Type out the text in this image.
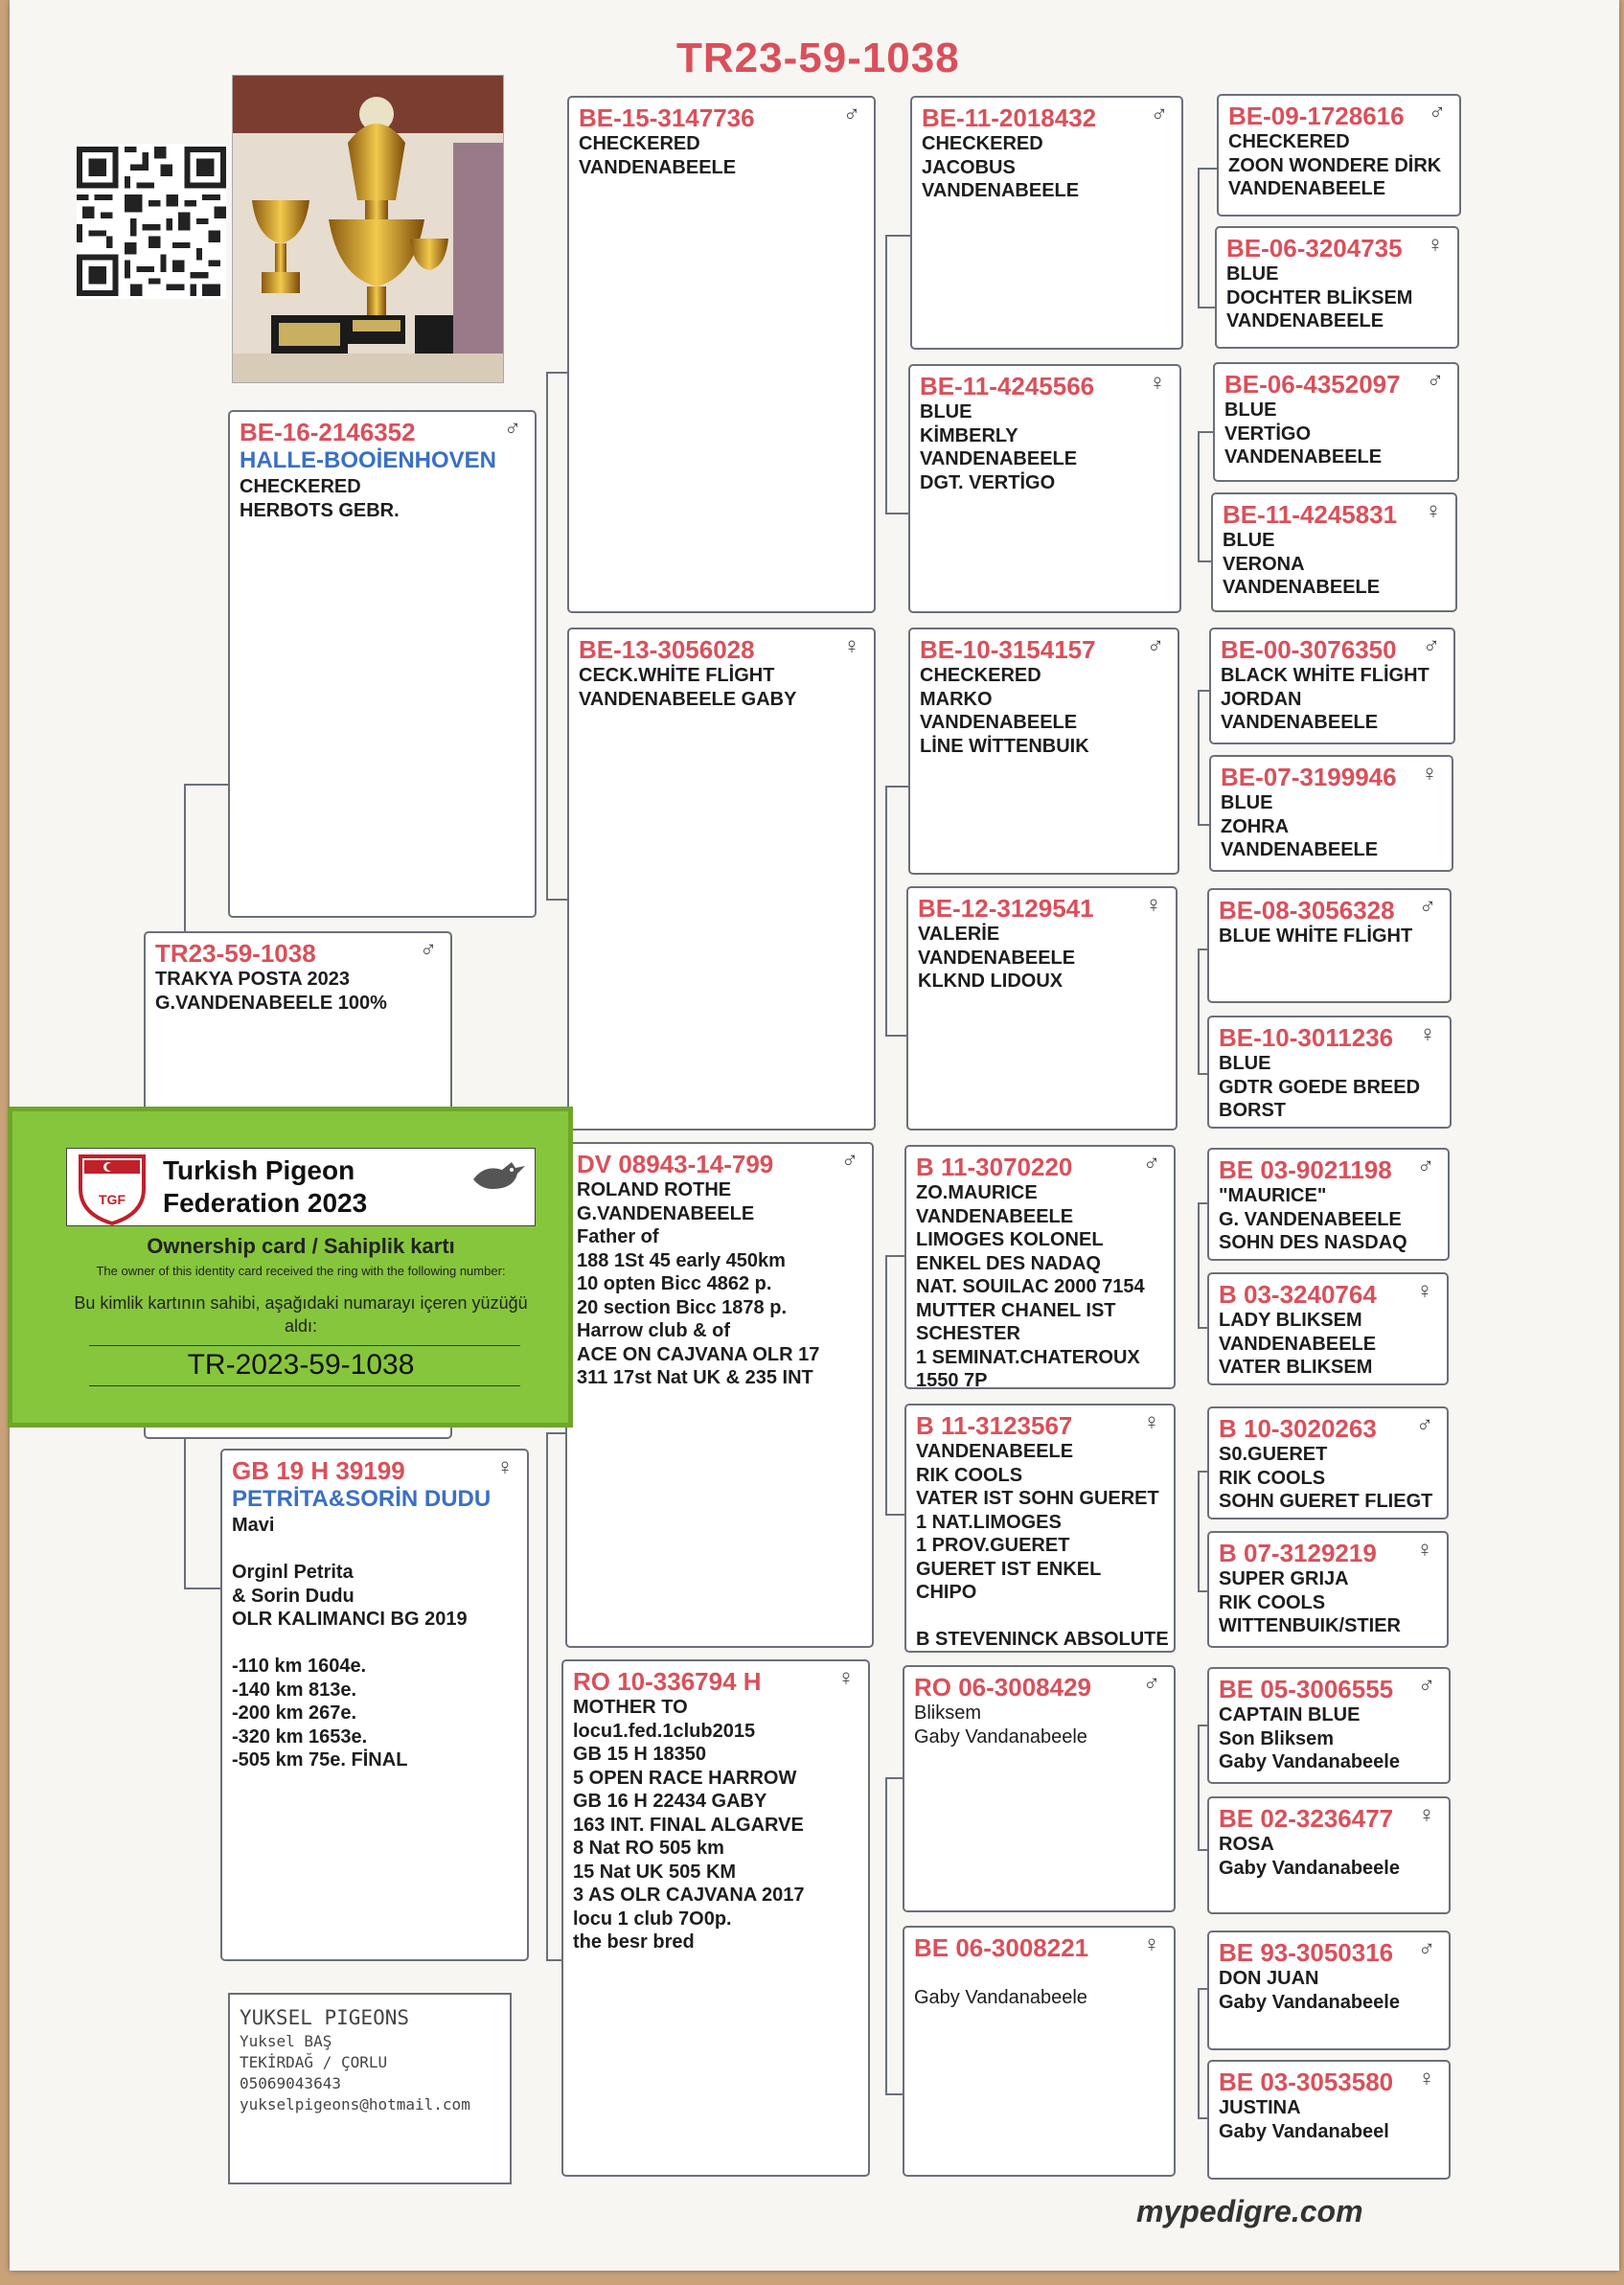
TR23-59-1038
TR23-59-1038	♂
TRAKYA POSTA 2023
G.VANDENABEELE 100%
BE-16-2146352	♂
HALLE-BOOİENHOVEN
CHECKERED
HERBOTS GEBR.
GB 19 H 39199	♀
PETRİTA&SORİN DUDU
Mavi

Orginl Petrita
& Sorin Dudu
OLR KALIMANCI BG 2019

-110 km 1604e.
-140 km 813e.
-200 km 267e.
-320 km 1653e.
-505 km 75e. FİNAL
BE-15-3147736	♂
CHECKERED
VANDENABEELE
BE-13-3056028	♀
CECK.WHİTE FLİGHT
VANDENABEELE GABY
DV 08943-14-799	♂
ROLAND ROTHE
G.VANDENABEELE
Father of
188 1St 45 early 450km
10 opten Bicc 4862 p.
20 section Bicc 1878 p.
Harrow club & of
ACE ON CAJVANA OLR 17
311 17st Nat UK & 235 INT
RO 10-336794 H	♀
MOTHER TO
locu1.fed.1club2015
GB 15 H 18350
5 OPEN RACE HARROW
GB 16 H 22434 GABY
163 INT. FINAL ALGARVE
8 Nat RO 505 km
15 Nat UK 505 KM
3 AS OLR CAJVANA 2017
locu 1 club 7O0p.
the besr bred
BE-11-2018432	♂
CHECKERED
JACOBUS
VANDENABEELE
BE-11-4245566	♀
BLUE
KİMBERLY
VANDENABEELE
DGT. VERTİGO
BE-10-3154157	♂
CHECKERED
MARKO
VANDENABEELE
LİNE WİTTENBUIK
BE-12-3129541	♀
VALERİE
VANDENABEELE
KLKND LIDOUX
B 11-3070220	♂
ZO.MAURICE
VANDENABEELE
LIMOGES KOLONEL
ENKEL DES NADAQ
NAT. SOUILAC 2000 7154
MUTTER CHANEL IST
SCHESTER
1 SEMINAT.CHATEROUX
1550 7P
B 11-3123567	♀
VANDENABEELE
RIK COOLS
VATER IST SOHN GUERET
1 NAT.LIMOGES
1 PROV.GUERET
GUERET IST ENKEL
CHIPO

B STEVENINCK ABSOLUTE
RO 06-3008429	♂
Bliksem
Gaby Vandanabeele
BE 06-3008221	♀

Gaby Vandanabeele
BE-09-1728616	♂
CHECKERED
ZOON WONDERE DİRK
VANDENABEELE
BE-06-3204735	♀
BLUE
DOCHTER BLİKSEM
VANDENABEELE
BE-06-4352097	♂
BLUE
VERTİGO
VANDENABEELE
BE-11-4245831	♀
BLUE
VERONA
VANDENABEELE
BE-00-3076350	♂
BLACK WHİTE FLİGHT
JORDAN
VANDENABEELE
BE-07-3199946	♀
BLUE
ZOHRA
VANDENABEELE
BE-08-3056328	♂
BLUE WHİTE FLİGHT
BE-10-3011236	♀
BLUE
GDTR GOEDE BREED
BORST
BE 03-9021198	♂
"MAURICE"
G. VANDENABEELE
SOHN DES NASDAQ
B 03-3240764	♀
LADY BLIKSEM
VANDENABEELE
VATER BLIKSEM
B 10-3020263	♂
S0.GUERET
RIK COOLS
SOHN GUERET FLIEGT
B 07-3129219	♀
SUPER GRIJA
RIK COOLS
WITTENBUIK/STIER
BE 05-3006555	♂
CAPTAIN BLUE
Son Bliksem
Gaby Vandanabeele
BE 02-3236477	♀
ROSA
Gaby Vandanabeele
BE 93-3050316	♂
DON JUAN
Gaby Vandanabeele
BE 03-3053580	♀
JUSTINA
Gaby Vandanabeel
YUKSEL PIGEONS
Yuksel BAŞ
TEKİRDAĞ / ÇORLU
05069043643
yukselpigeons@hotmail.com
mypedigre.com
TGF
Turkish Pigeon
Federation 2023
Ownership card / Sahiplik kartı
The owner of this identity card received the ring with the following number:
Bu kimlik kartının sahibi, aşağıdaki numarayı içeren yüzüğü aldı:
TR-2023-59-1038
